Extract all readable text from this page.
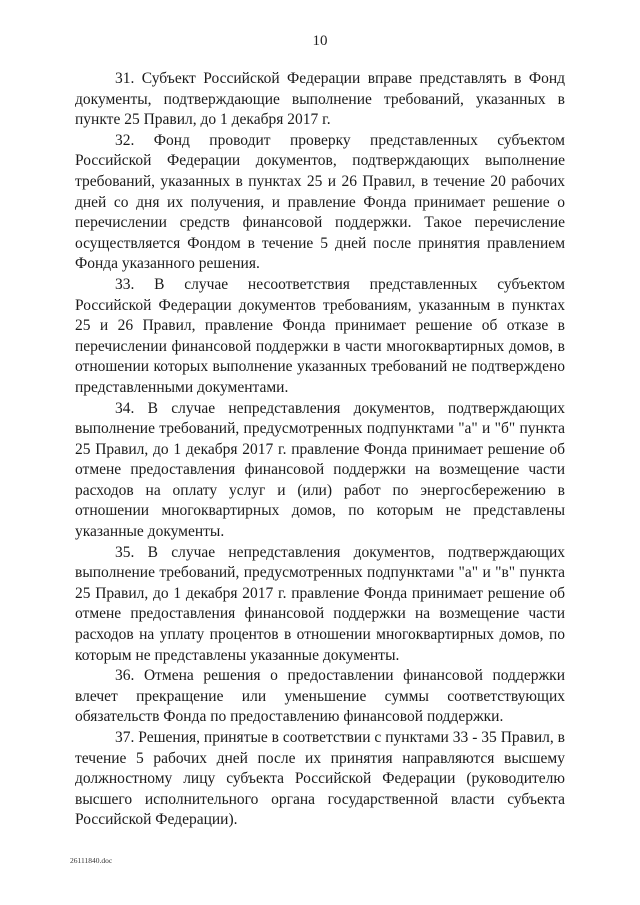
10

31. Субъект Российской Федерации вправе представлять в Фонд документы, подтверждающие выполнение требований, указанных в пункте 25 Правил, до 1 декабря 2017 г.

32. Фонд проводит проверку представленных субъектом Российской Федерации документов, подтверждающих выполнение требований, указанных в пунктах 25 и 26 Правил, в течение 20 рабочих дней со дня их получения, и правление Фонда принимает решение о перечислении средств финансовой поддержки. Такое перечисление осуществляется Фондом в течение 5 дней после принятия правлением Фонда указанного решения.

33. В случае несоответствия представленных субъектом Российской Федерации документов требованиям, указанным в пунктах 25 и 26 Правил, правление Фонда принимает решение об отказе в перечислении финансовой поддержки в части многоквартирных домов, в отношении которых выполнение указанных требований не подтверждено представленными документами.

34. В случае непредставления документов, подтверждающих выполнение требований, предусмотренных подпунктами "а" и "б" пункта 25 Правил, до 1 декабря 2017 г. правление Фонда принимает решение об отмене предоставления финансовой поддержки на возмещение части расходов на оплату услуг и (или) работ по энергосбережению в отношении многоквартирных домов, по которым не представлены указанные документы.

35. В случае непредставления документов, подтверждающих выполнение требований, предусмотренных подпунктами "а" и "в" пункта 25 Правил, до 1 декабря 2017 г. правление Фонда принимает решение об отмене предоставления финансовой поддержки на возмещение части расходов на уплату процентов в отношении многоквартирных домов, по которым не представлены указанные документы.

36. Отмена решения о предоставлении финансовой поддержки влечет прекращение или уменьшение суммы соответствующих обязательств Фонда по предоставлению финансовой поддержки.

37. Решения, принятые в соответствии с пунктами 33 - 35 Правил, в течение 5 рабочих дней после их принятия направляются высшему должностному лицу субъекта Российской Федерации (руководителю высшего исполнительного органа государственной власти субъекта Российской Федерации).

26111840.doc
